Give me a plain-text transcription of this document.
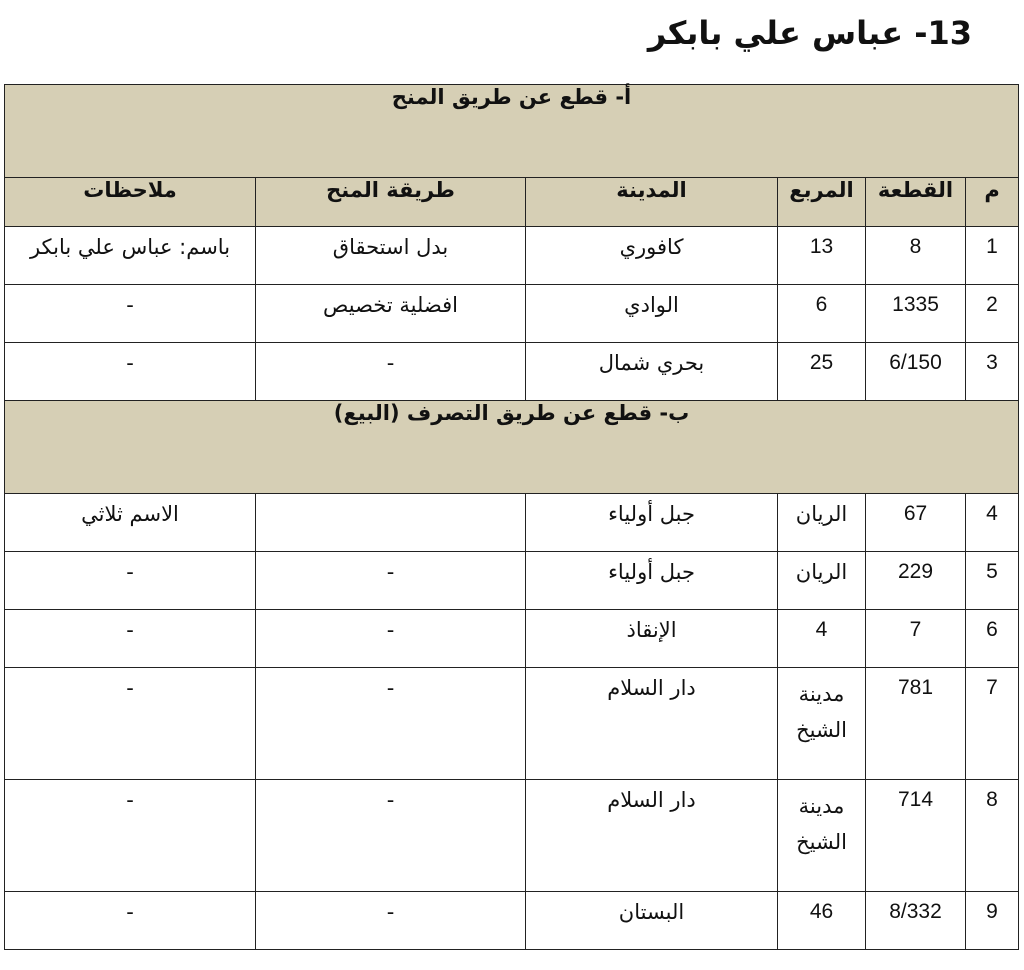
13- عباس علي بابكر
أ- قطع عن طريق المنح					
م	القطعة	المربع	المدينة	طريقة المنح	ملاحظات
1	8	13	كافوري	بدل استحقاق	باسم: عباس علي بابكر
2	1335	6	الوادي	افضلية تخصيص	-
3	6/150	25	بحري شمال	-	-
ب- قطع عن طريق التصرف (البيع)					
4	67	الريان	جبل أولياء		الاسم ثلاثي
5	229	الريان	جبل أولياء	-	-
6	7	4	الإنقاذ	-	-
7	781	مدينة الشيخ	دار السلام	-	-
8	714	مدينة الشيخ	دار السلام	-	-
9	8/332	46	البستان	-	-
